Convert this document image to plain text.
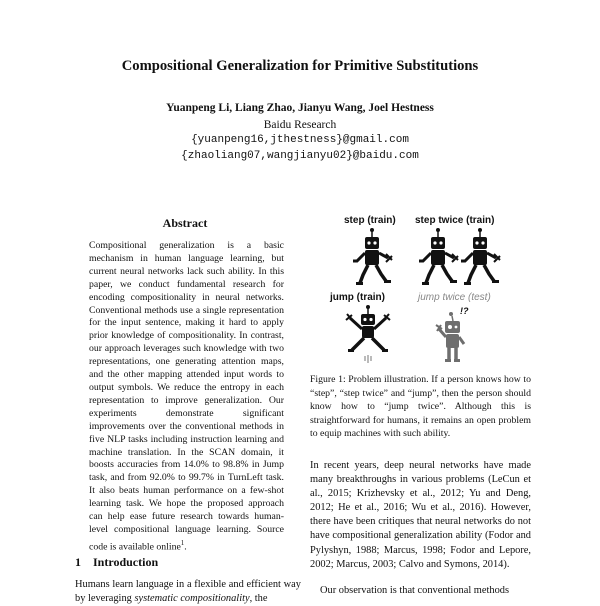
Compositional Generalization for Primitive Substitutions
Yuanpeng Li, Liang Zhao, Jianyu Wang, Joel Hestness
Baidu Research
{yuanpeng16,jthestness}@gmail.com
{zhaoliang07,wangjianyu02}@baidu.com
Abstract

Compositional generalization is a basic mechanism in human language learning, but current neural networks lack such ability. In this paper, we conduct fundamental research for encoding compositionality in neural networks. Conventional methods use a single representation for the input sentence, making it hard to apply prior knowledge of compositionality. In contrast, our approach leverages such knowledge with two representations, one generating attention maps, and the other mapping attended input words to output symbols. We reduce the entropy in each representation to improve generalization. Our experiments demonstrate significant improvements over the conventional methods in five NLP tasks including instruction learning and machine translation. In the SCAN domain, it boosts accuracies from 14.0% to 98.8% in Jump task, and from 92.0% to 99.7% in TurnLeft task. It also beats human performance on a few-shot learning task. We hope the proposed approach can help ease future research towards human-level compositional language learning. Source code is available online$^1$.

1 Introduction

Humans learn language in a flexible and efficient way by leveraging systematic compositionality, the

step (train) step twice (train)
jump (train)	jump twice (test)
!?

Figure 1: Problem illustration. If a person knows how to “step”, “step twice” and “jump”, then the person should know how to “jump twice”. Although this is straightforward for humans, it remains an open problem to equip machines with such ability.

In recent years, deep neural networks have made many breakthroughs in various problems (LeCun et al., 2015; Krizhevsky et al., 2012; Yu and Deng, 2012; He et al., 2016; Wu et al., 2016). However, there have been critiques that neural networks do not have compositional generalization ability (Fodor and Pylyshyn, 1988; Marcus, 1998; Fodor and Lepore, 2002; Marcus, 2003; Calvo and Symons, 2014).

Our observation is that conventional methods
